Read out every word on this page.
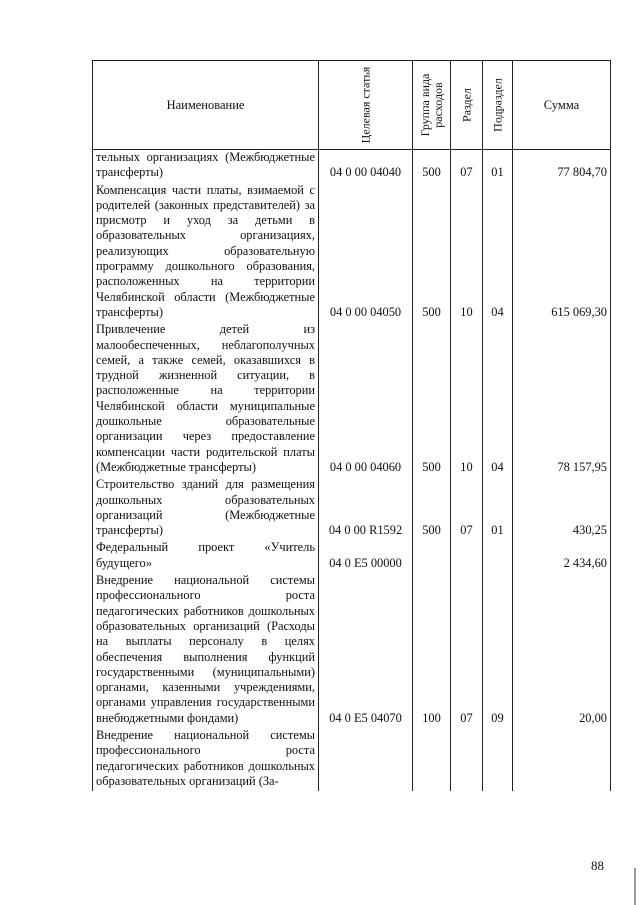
Наименование	Целевая статья	Группа вида расходов	Раздел	Подраздел	Сумма
тельных организациях (Межбюджетные трансферты)	04 0 00 04040	500	07	01	77 804,70
Компенсация части платы, взимаемой с родителей (законных представителей) за присмотр и уход за детьми в образовательных организациях, реализующих образовательную программу дошкольного образования, расположенных на территории Челябинской области (Межбюджетные трансферты)	04 0 00 04050	500	10	04	615 069,30
Привлечение детей из малообеспеченных, неблагополучных семей, а также семей, оказавшихся в трудной жизненной ситуации, в расположенные на территории Челябинской области муниципальные дошкольные образовательные организации через предоставление компенсации части родительской платы (Межбюджетные трансферты)	04 0 00 04060	500	10	04	78 157,95
Строительство зданий для размещения дошкольных образовательных организаций (Межбюджетные трансферты)	04 0 00 R1592	500	07	01	430,25
Федеральный проект «Учитель будущего»	04 0 E5 00000				2 434,60
Внедрение национальной системы профессионального роста педагогических работников дошкольных образовательных организаций (Расходы на выплаты персоналу в целях обеспечения выполнения функций государственными (муниципальными) органами, казенными учреждениями, органами управления государственными внебюджетными фондами)	04 0 E5 04070	100	07	09	20,00
Внедрение национальной системы профессионального роста педагогических работников дошкольных образовательных организаций (За-					
88
